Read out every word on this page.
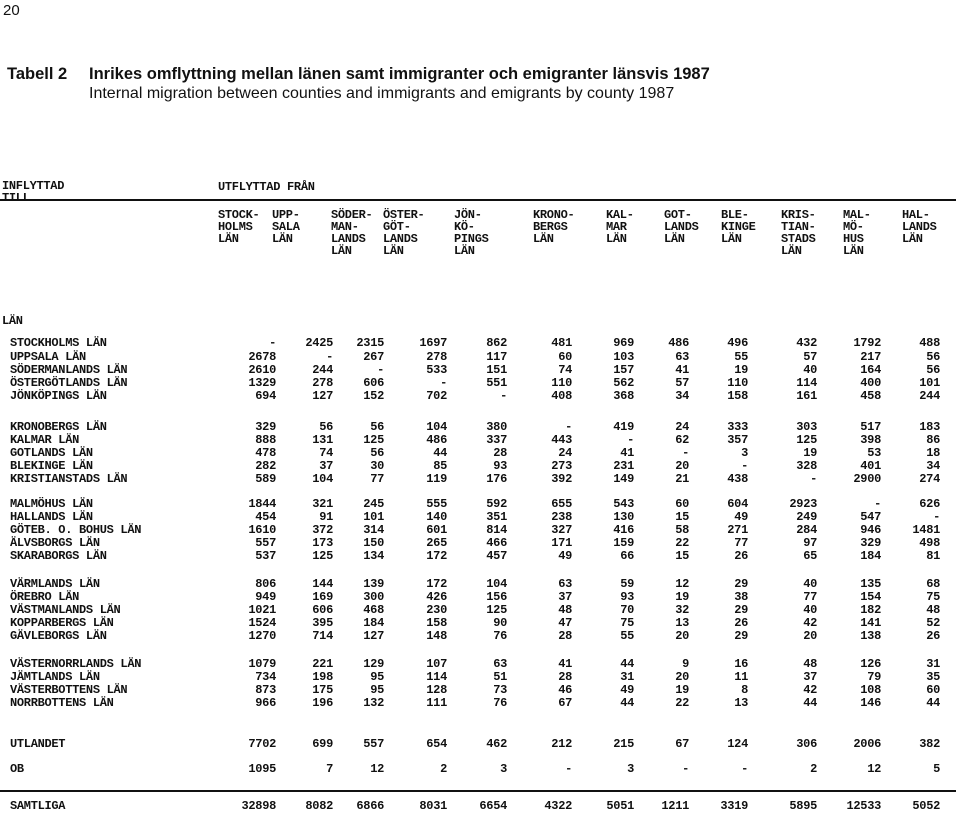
20
Tabell 2	Inrikes omflyttning mellan länen samt immigranter och emigranter länsvis 1987
Internal migration between counties and immigrants and emigrants by county 1987
INFLYTTAD
TILL
UTFLYTTAD FRÅN
STOCK-
HOLMS
LÄN
UPP-
SALA
LÄN
SÖDER-
MAN-
LANDS
LÄN
ÖSTER-
GÖT-
LANDS
LÄN
JÖN-
KÖ-
PINGS
LÄN
KRONO-
BERGS
LÄN
KAL-
MAR
LÄN
GOT-
LANDS
LÄN
BLE-
KINGE
LÄN
KRIS-
TIAN-
STADS
LÄN
MAL-
MÖ-
HUS
LÄN
HAL-
LANDS
LÄN
LÄN
STOCKHOLMS LÄN	-	2425	2315	1697	862	481	969	486	496	432	1792	488
UPPSALA LÄN	2678	-	267	278	117	60	103	63	55	57	217	56
SÖDERMANLANDS LÄN	2610	244	-	533	151	74	157	41	19	40	164	56
ÖSTERGÖTLANDS LÄN	1329	278	606	-	551	110	562	57	110	114	400	101
JÖNKÖPINGS LÄN	694	127	152	702	-	408	368	34	158	161	458	244
KRONOBERGS LÄN	329	56	56	104	380	-	419	24	333	303	517	183
KALMAR LÄN	888	131	125	486	337	443	-	62	357	125	398	86
GOTLANDS LÄN	478	74	56	44	28	24	41	-	3	19	53	18
BLEKINGE LÄN	282	37	30	85	93	273	231	20	-	328	401	34
KRISTIANSTADS LÄN	589	104	77	119	176	392	149	21	438	-	2900	274
MALMÖHUS LÄN	1844	321	245	555	592	655	543	60	604	2923	-	626
HALLANDS LÄN	454	91	101	140	351	238	130	15	49	249	547	-
GÖTEB. O. BOHUS LÄN	1610	372	314	601	814	327	416	58	271	284	946	1481
ÄLVSBORGS LÄN	557	173	150	265	466	171	159	22	77	97	329	498
SKARABORGS LÄN	537	125	134	172	457	49	66	15	26	65	184	81
VÄRMLANDS LÄN	806	144	139	172	104	63	59	12	29	40	135	68
ÖREBRO LÄN	949	169	300	426	156	37	93	19	38	77	154	75
VÄSTMANLANDS LÄN	1021	606	468	230	125	48	70	32	29	40	182	48
KOPPARBERGS LÄN	1524	395	184	158	90	47	75	13	26	42	141	52
GÄVLEBORGS LÄN	1270	714	127	148	76	28	55	20	29	20	138	26
VÄSTERNORRLANDS LÄN	1079	221	129	107	63	41	44	9	16	48	126	31
JÄMTLANDS LÄN	734	198	95	114	51	28	31	20	11	37	79	35
VÄSTERBOTTENS LÄN	873	175	95	128	73	46	49	19	8	42	108	60
NORRBOTTENS LÄN	966	196	132	111	76	67	44	22	13	44	146	44
UTLANDET	7702	699	557	654	462	212	215	67	124	306	2006	382
OB	1095	7	12	2	3	-	3	-	-	2	12	5
SAMTLIGA	32898	8082	6866	8031	6654	4322	5051	1211	3319	5895	12533	5052
